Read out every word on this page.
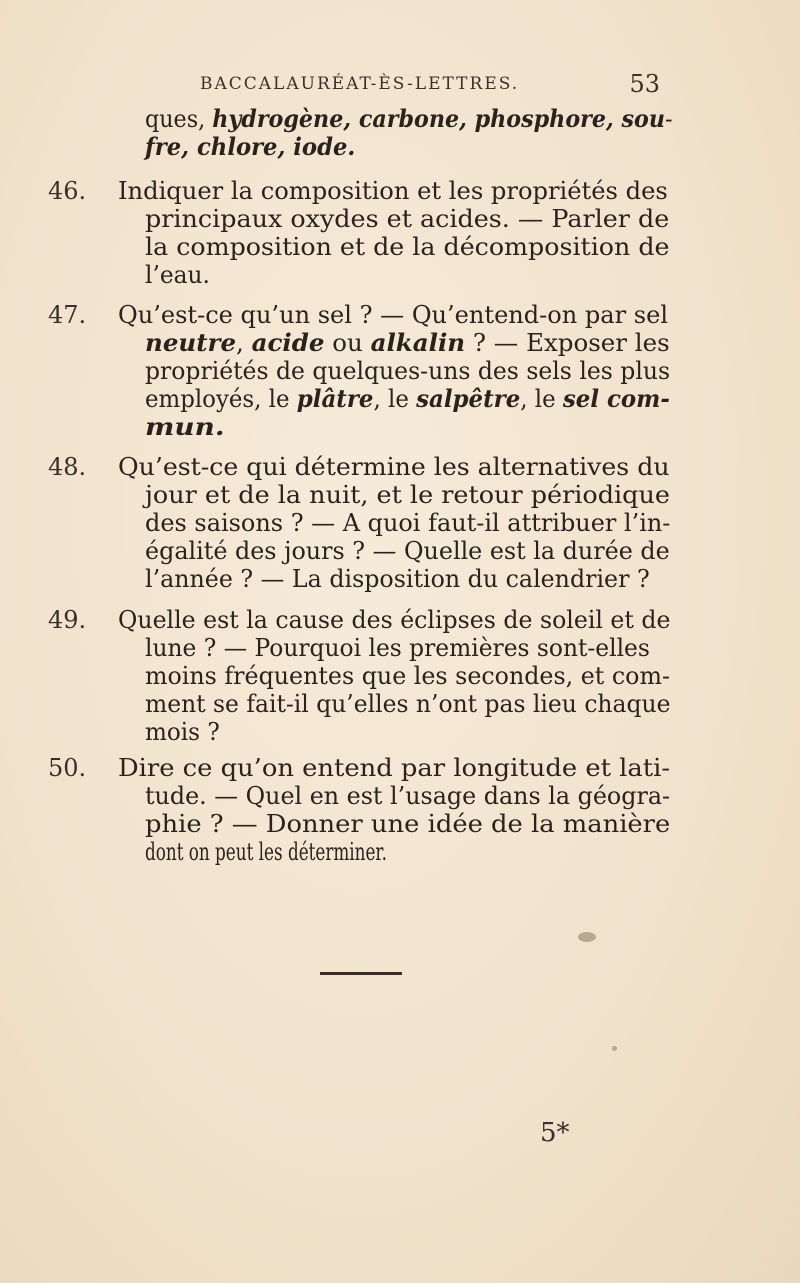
BACCALAURÉAT-ÈS-LETTRES.	53
ques, hydrogène, carbone, phosphore, sou-
fre, chlore, iode.
46. Indiquer la composition et les propriétés des
principaux oxydes et acides. — Parler de
la composition et de la décomposition de
l’eau.
47. Qu’est-ce qu’un sel ? — Qu’entend-on par sel
neutre, acide ou alkalin ? — Exposer les
propriétés de quelques-uns des sels les plus
employés, le plâtre, le salpêtre, le sel com-
mun.
48. Qu’est-ce qui détermine les alternatives du
jour et de la nuit, et le retour périodique
des saisons ? — A quoi faut-il attribuer l’in-
égalité des jours ? — Quelle est la durée de
l’année ? — La disposition du calendrier ?
49. Quelle est la cause des éclipses de soleil et de
lune ? — Pourquoi les premières sont-elles
moins fréquentes que les secondes, et com-
ment se fait-il qu’elles n’ont pas lieu chaque
mois ?
50. Dire ce qu’on entend par longitude et lati-
tude. — Quel en est l’usage dans la géogra-
phie ? — Donner une idée de la manière
dont on peut les déterminer.
5*
